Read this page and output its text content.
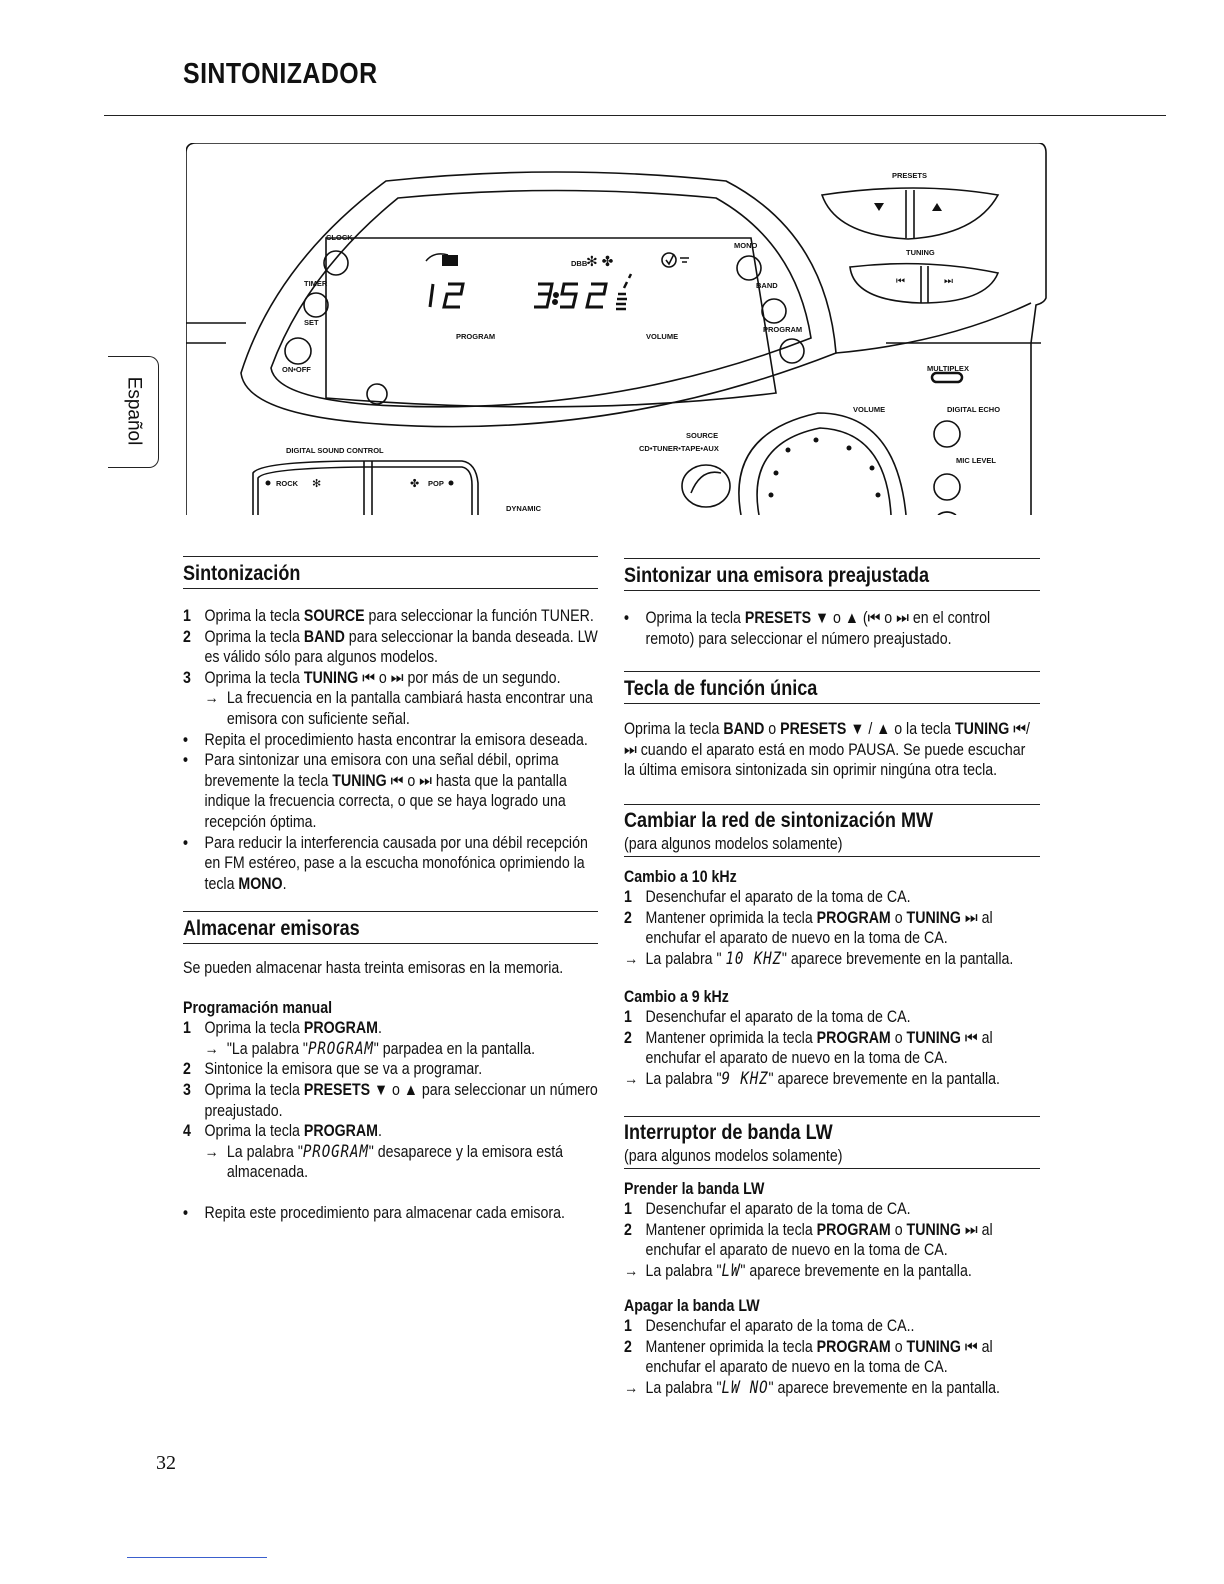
SINTONIZADOR
Español
⏮	⏭
✻ ✤
CLOCK
TIMER
SET
ON•OFF
MONO
BAND
PROGRAM
PRESETS
TUNING
MULTIPLEX
DIGITAL ECHO
MIC LEVEL
VOLUME
SOURCE
CD•TUNER•TAPE•AUX
DIGITAL SOUND CONTROL
ROCK	POP
DYNAMIC
PROGRAM	VOLUME
DBB
✻	✤
Sintonización

1 Oprima la tecla SOURCE para seleccionar la función TUNER.

2 Oprima la tecla BAND para seleccionar la banda deseada. LW es válido sólo para algunos modelos.

3 Oprima la tecla TUNING ⏮ o ⏭ por más de un segundo.

→ La frecuencia en la pantalla cambiará hasta encontrar una emisora con suficiente señal.

• Repita el procedimiento hasta encontrar la emisora deseada.

• Para sintonizar una emisora con una señal débil, oprima brevemente la tecla TUNING ⏮ o ⏭ hasta que la pantalla indique la frecuencia correcta, o que se haya logrado una recepción óptima.

• Para reducir la interferencia causada por una débil recepción en FM estéreo, pase a la escucha monofónica oprimiendo la tecla MONO.

Almacenar emisoras

Se pueden almacenar hasta treinta emisoras en la memoria.

Programación manual

1 Oprima la tecla PROGRAM.

→ "La palabra "PROGRAM" parpadea en la pantalla.

2 Sintonice la emisora que se va a programar.

3 Oprima la tecla PRESETS ▼ o ▲ para seleccionar un número preajustado.

4 Oprima la tecla PROGRAM.

→ La palabra "PROGRAM" desaparece y la emisora está almacenada.

• Repita este procedimiento para almacenar cada emisora.

Sintonizar una emisora preajustada

• Oprima la tecla PRESETS ▼ o ▲ (⏮ o ⏭ en el control remoto) para seleccionar el número preajustado.

Tecla de función única

Oprima la tecla BAND o PRESETS ▼ / ▲ o la tecla TUNING ⏮/⏭ cuando el aparato está en modo PAUSA. Se puede escuchar la última emisora sintonizada sin oprimir ningúna otra tecla.

Cambiar la red de sintonización MW

(para algunos modelos solamente)

Cambio a 10 kHz

1 Desenchufar el aparato de la toma de CA.

2 Mantener oprimida la tecla PROGRAM o TUNING ⏭ al enchufar el aparato de nuevo en la toma de CA.

→ La palabra " 10 KHZ" aparece brevemente en la pantalla.

Cambio a 9 kHz

1 Desenchufar el aparato de la toma de CA.

2 Mantener oprimida la tecla PROGRAM o TUNING ⏮ al enchufar el aparato de nuevo en la toma de CA.

→ La palabra "9 KHZ" aparece brevemente en la pantalla.

Interruptor de banda LW

(para algunos modelos solamente)

Prender la banda LW

1 Desenchufar el aparato de la toma de CA.

2 Mantener oprimida la tecla PROGRAM o TUNING ⏭ al enchufar el aparato de nuevo en la toma de CA.

→ La palabra "LW" aparece brevemente en la pantalla.

Apagar la banda LW

1 Desenchufar el aparato de la toma de CA..

2 Mantener oprimida la tecla PROGRAM o TUNING ⏮ al enchufar el aparato de nuevo en la toma de CA.

→ La palabra "LW NO" aparece brevemente en la pantalla.

32
